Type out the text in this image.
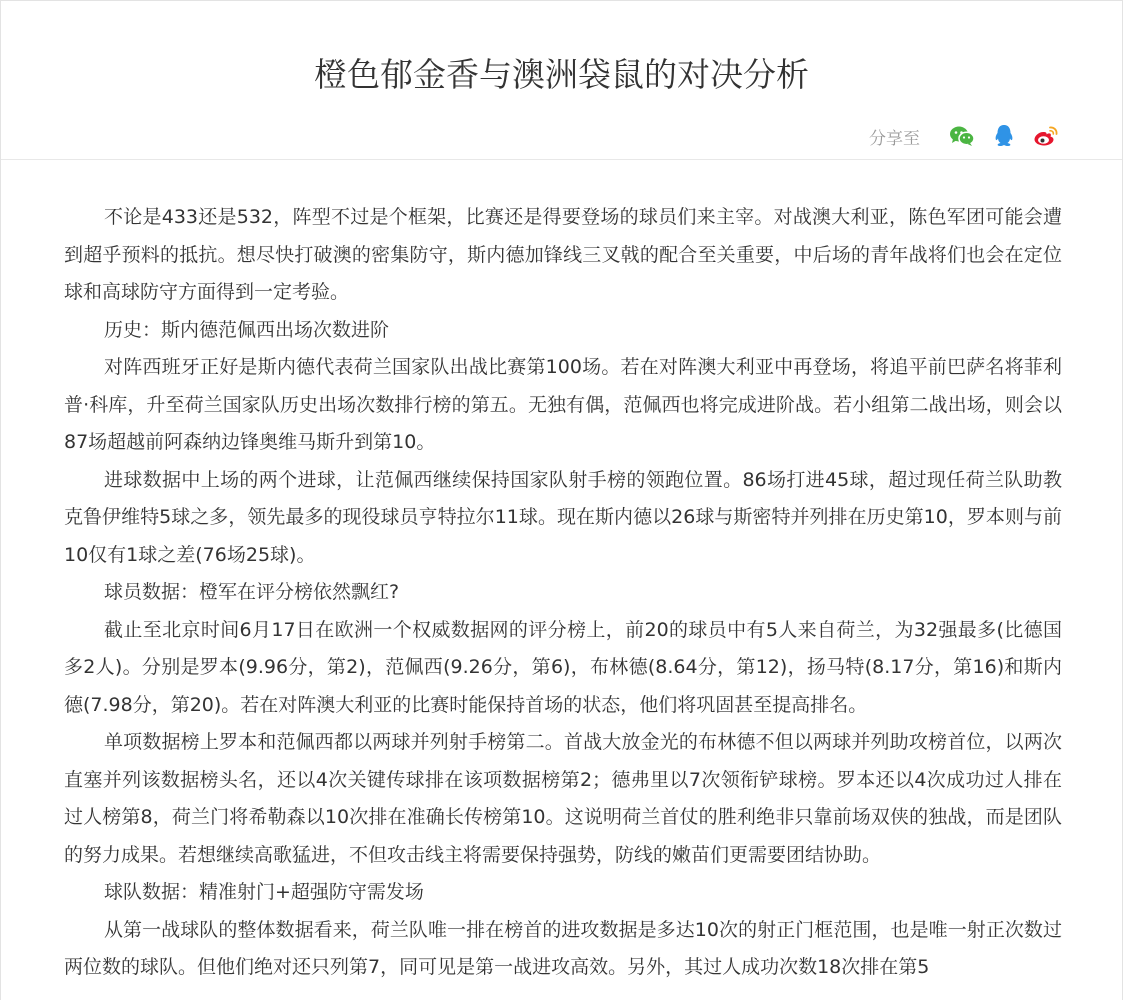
橙色郁金香与澳洲袋鼠的对决分析
分享至

不论是433还是532，阵型不过是个框架，比赛还是得要登场的球员们来主宰。对战澳大利亚，陈色军团可能会遭到超乎预料的抵抗。想尽快打破澳的密集防守，斯内德加锋线三叉戟的配合至关重要，中后场的青年战将们也会在定位球和高球防守方面得到一定考验。

历史：斯内德范佩西出场次数进阶

对阵西班牙正好是斯内德代表荷兰国家队出战比赛第100场。若在对阵澳大利亚中再登场，将追平前巴萨名将菲利普·科库，升至荷兰国家队历史出场次数排行榜的第五。无独有偶，范佩西也将完成进阶战。若小组第二战出场，则会以87场超越前阿森纳边锋奥维马斯升到第10。

进球数据中上场的两个进球，让范佩西继续保持国家队射手榜的领跑位置。86场打进45球，超过现任荷兰队助教克鲁伊维特5球之多，领先最多的现役球员亨特拉尔11球。现在斯内德以26球与斯密特并列排在历史第10，罗本则与前10仅有1球之差(76场25球)。

球员数据：橙军在评分榜依然飘红?

截止至北京时间6月17日在欧洲一个权威数据网的评分榜上，前20的球员中有5人来自荷兰，为32强最多(比德国多2人)。分别是罗本(9.96分，第2)，范佩西(9.26分，第6)，布林德(8.64分，第12)，扬马特(8.17分，第16)和斯内德(7.98分，第20)。若在对阵澳大利亚的比赛时能保持首场的状态，他们将巩固甚至提高排名。

单项数据榜上罗本和范佩西都以两球并列射手榜第二。首战大放金光的布林德不但以两球并列助攻榜首位，以两次直塞并列该数据榜头名，还以4次关键传球排在该项数据榜第2；德弗里以7次领衔铲球榜。罗本还以4次成功过人排在过人榜第8，荷兰门将希勒森以10次排在准确长传榜第10。这说明荷兰首仗的胜利绝非只靠前场双侠的独战，而是团队的努力成果。若想继续高歌猛进，不但攻击线主将需要保持强势，防线的嫩苗们更需要团结协助。

球队数据：精准射门+超强防守需发场

从第一战球队的整体数据看来，荷兰队唯一排在榜首的进攻数据是多达10次的射正门框范围，也是唯一射正次数过两位数的球队。但他们绝对还只列第7，同可见是第一战进攻高效。另外，其过人成功次数18次排在第5
